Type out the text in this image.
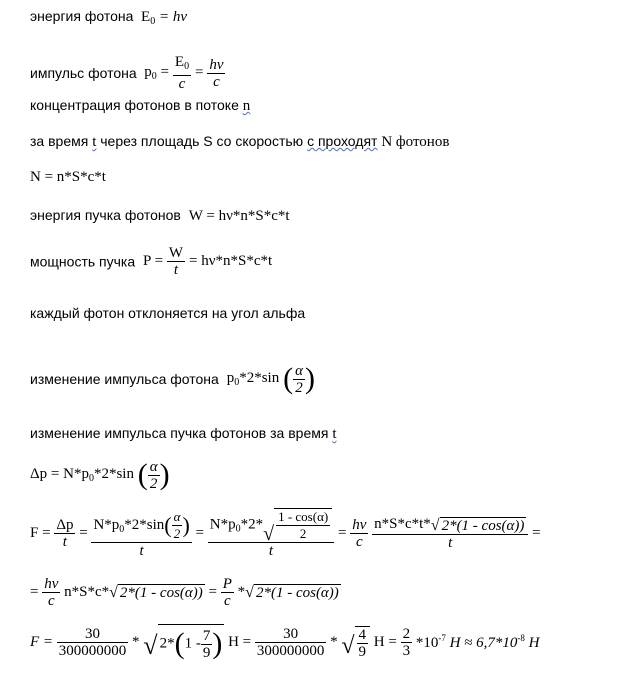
энергия фотона $E_0 = h\nu$
импульс фотона $p_0 = \frac{E_0}{c} = \frac{h\nu}{c}$
концентрация фотонов в потоке n
за время t через площадь S со скоростью с проходят N фотонов
N = n*S*c*t
энергия пучка фотонов W = hν*n*S*c*t
мощность пучка $P = \frac{W}{t} = h\nu*n*S*c*t$
каждый фотон отклоняется на угол альфа
изменение импульса фотона $p_0*2*\sin$ ( $\frac{\alpha}{2}$ )
изменение импульса пучка фотонов за время t
$\Delta p = N*p_0*2*\sin$ ( $\frac{\alpha}{2}$ )
$F = \frac{\Delta p}{t} = \frac{N*p_0*2*\sin( \frac{\alpha}{2} )}{t} = \frac{N*p_0*2* √ \frac{1 - \cos(\alpha)}{2}}{t} = \frac{h\nu}{c}$
$\frac{n*S*c*t* √ 2*(1 - \cos(\alpha))}{t}$ =
= $\frac{h\nu}{c} n*S*c*$ √ $2*(1 - \cos(\alpha)) = \frac{P}{c}$ * √ 2*(1 - cos(α))
$F = \frac{30}{300000000}$ * √ $2*(1 - \frac{7}{9}$ ) $H = \frac{30}{300000000}$ * √ $\frac{4}{9}$ $H = \frac{2}{3} *10^{-7}$ $H \approx 6,7*10^{-8}$ H
